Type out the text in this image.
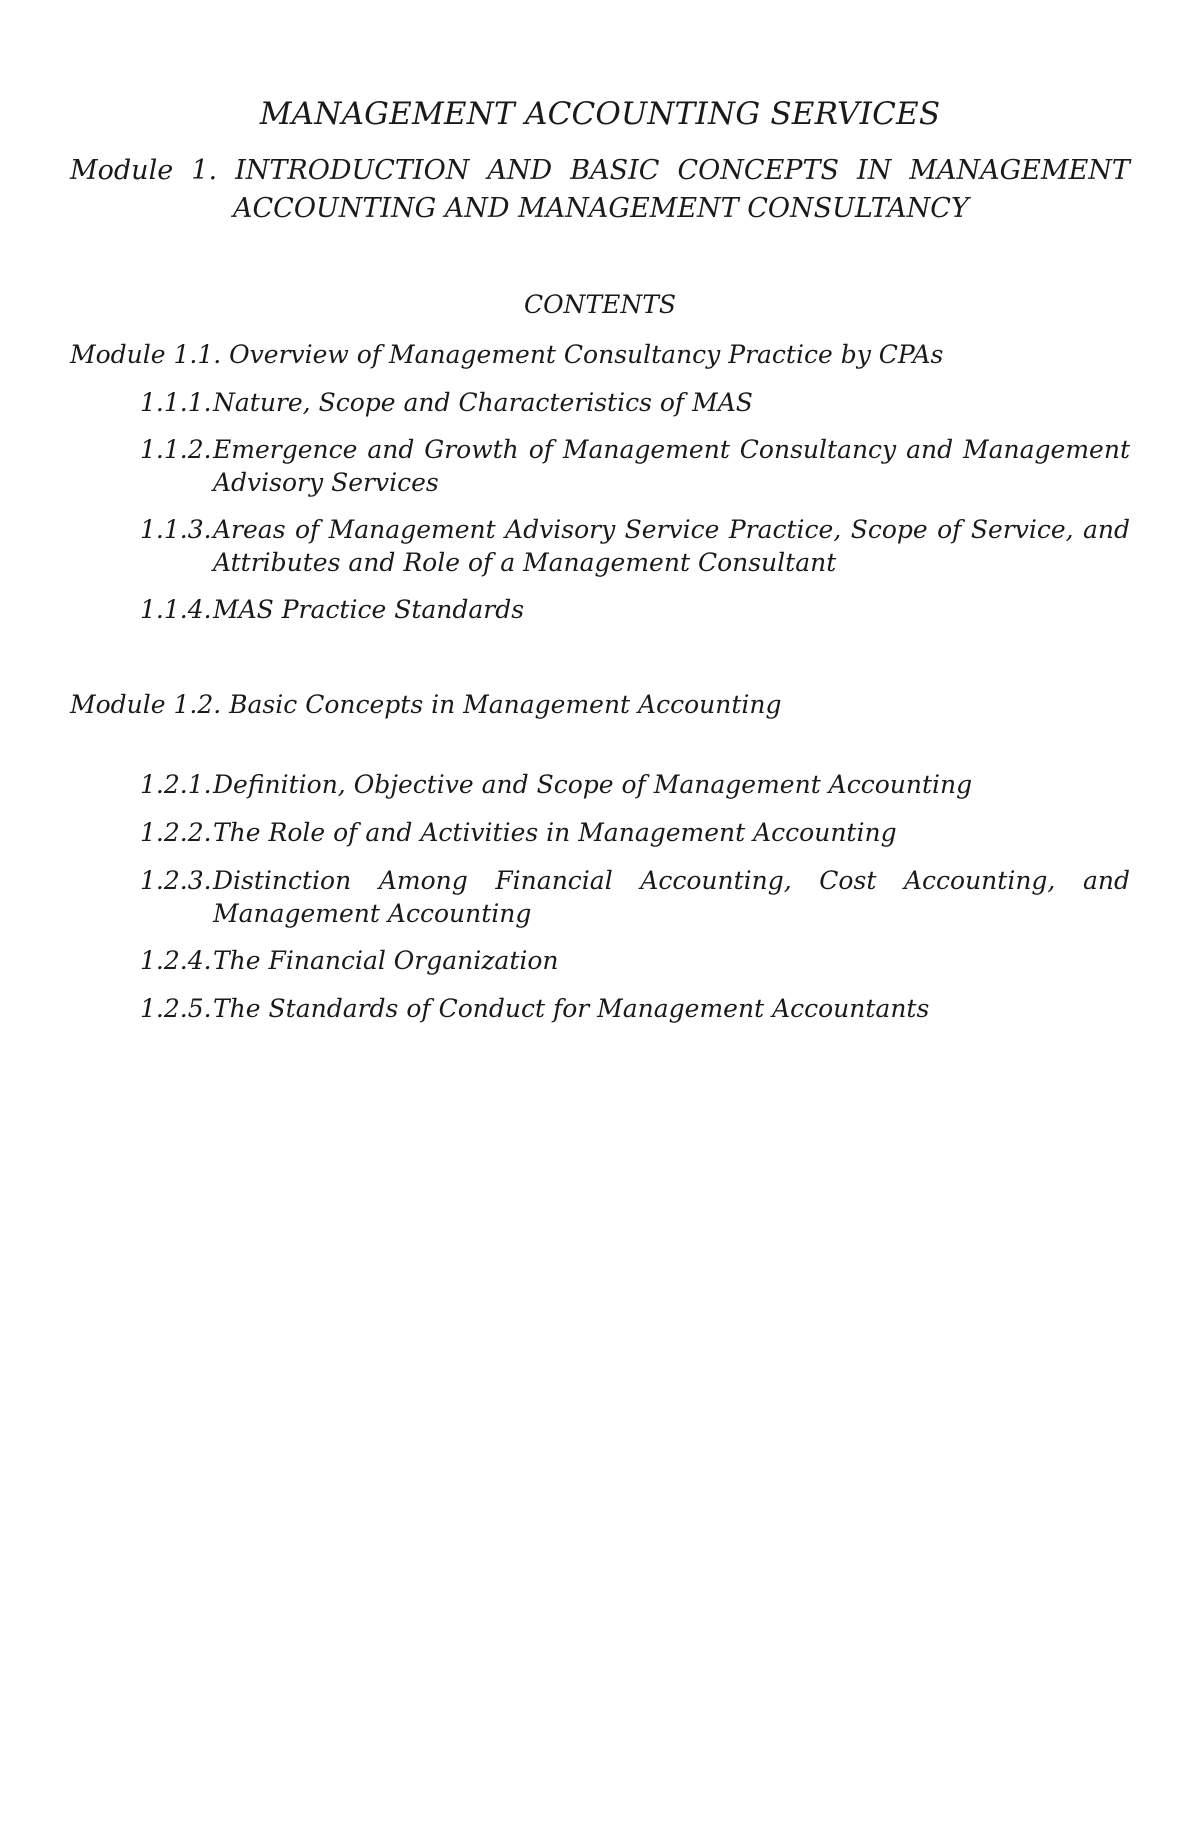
MANAGEMENT ACCOUNTING SERVICES
Module 1. INTRODUCTION AND BASIC CONCEPTS IN MANAGEMENT
ACCOUNTING AND MANAGEMENT CONSULTANCY
CONTENTS
Module 1.1. Overview of Management Consultancy Practice by CPAs
1.1.1. Nature, Scope and Characteristics of MAS
1.1.2. Emergence and Growth of Management Consultancy and Management Advisory Services
1.1.3. Areas of Management Advisory Service Practice, Scope of Service, and Attributes and Role of a Management Consultant
1.1.4. MAS Practice Standards
Module 1.2. Basic Concepts in Management Accounting
1.2.1. Definition, Objective and Scope of Management Accounting
1.2.2. The Role of and Activities in Management Accounting
1.2.3. Distinction Among Financial Accounting, Cost Accounting, and Management Accounting
1.2.4. The Financial Organization
1.2.5. The Standards of Conduct for Management Accountants
